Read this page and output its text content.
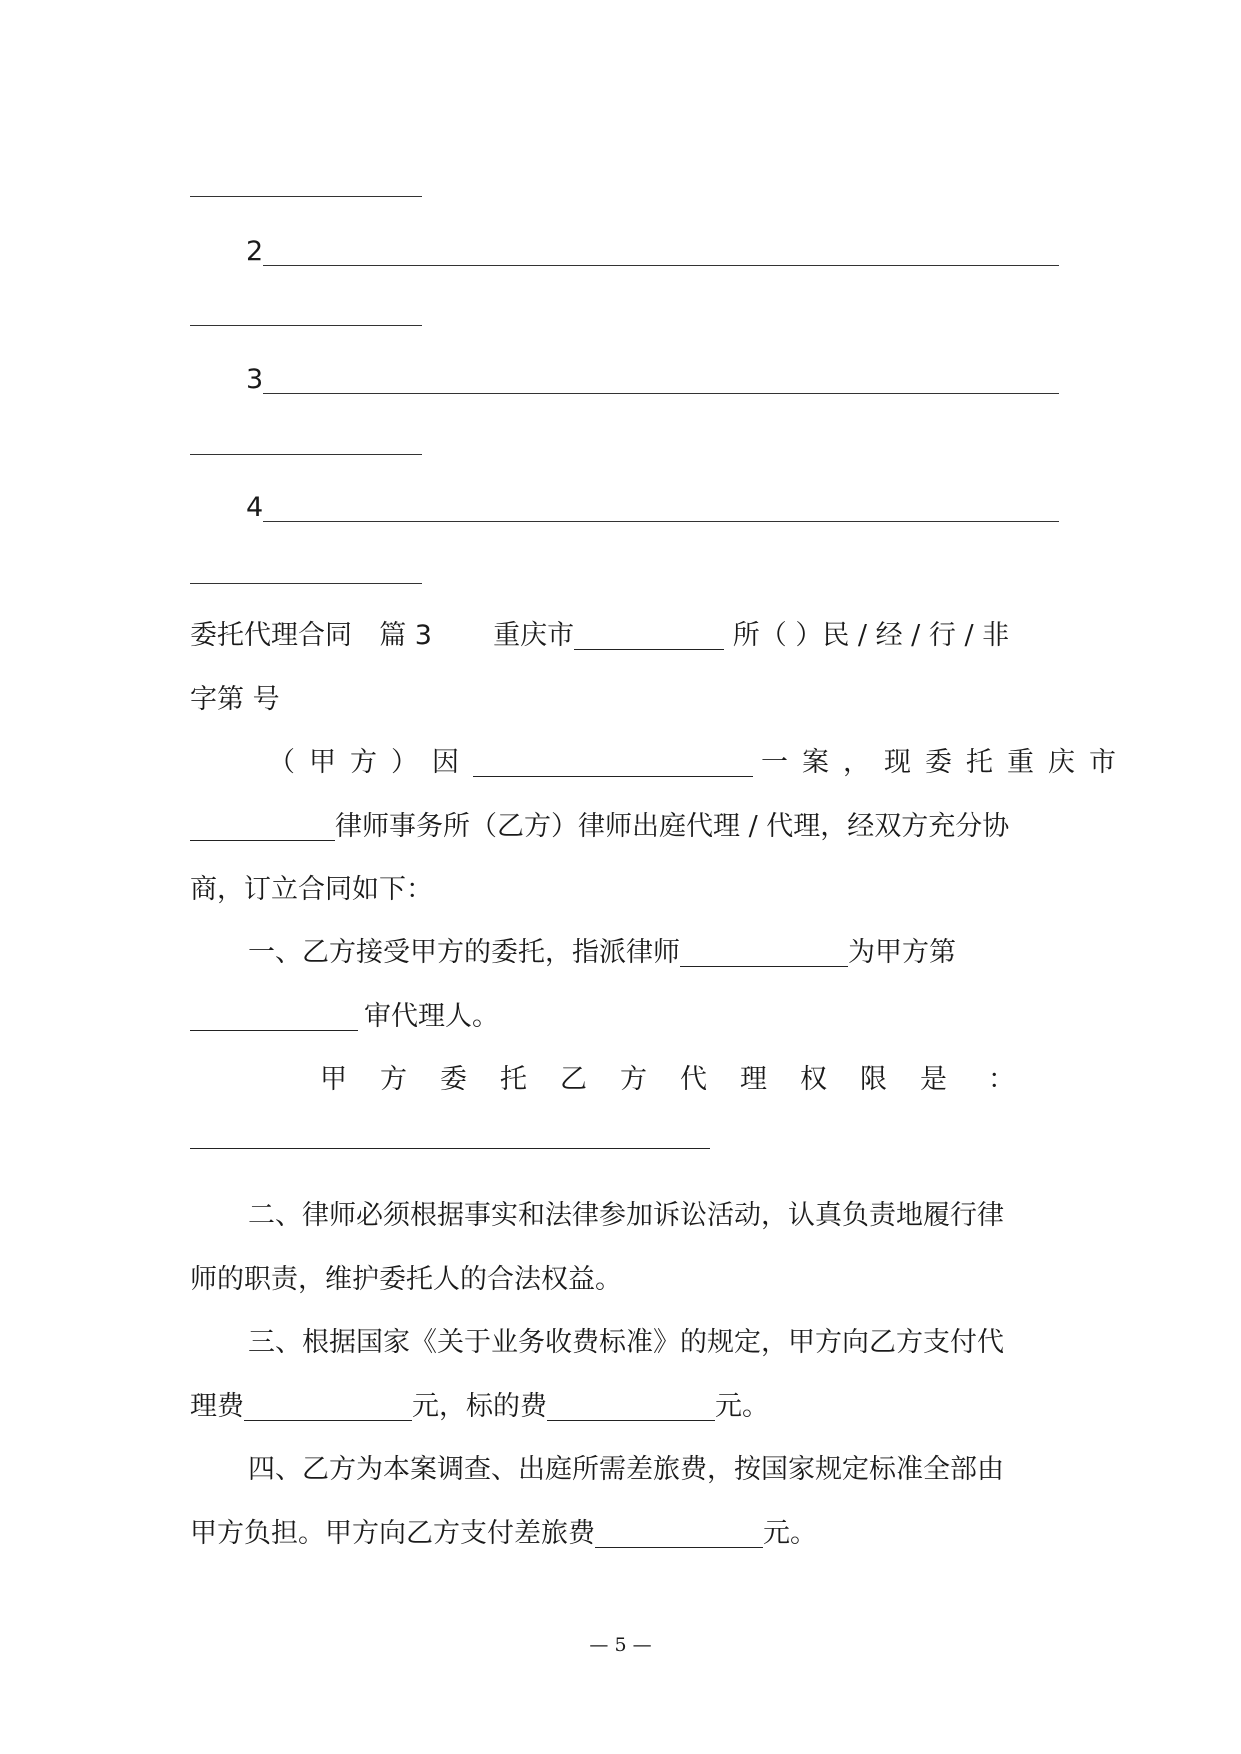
2
3
4
委托代理合同 篇 3 重庆市	所（ ）民 / 经 / 行 / 非
字第 号
（甲方）因	一案，现委托重庆市
律师事务所（乙方）律师出庭代理 / 代理，经双方充分协
商，订立合同如下：
一、乙方接受甲方的委托，指派律师	为甲方第
审代理人。
甲方委托乙方代理权限是 ：
二、律师必须根据事实和法律参加诉讼活动，认真负责地履行律
师的职责，维护委托人的合法权益。
三、根据国家《关于业务收费标准》的规定，甲方向乙方支付代
理费	元，标的费	元。
四、乙方为本案调查、出庭所需差旅费，按国家规定标准全部由
甲方负担。甲方向乙方支付差旅费	元。
— 5 —
